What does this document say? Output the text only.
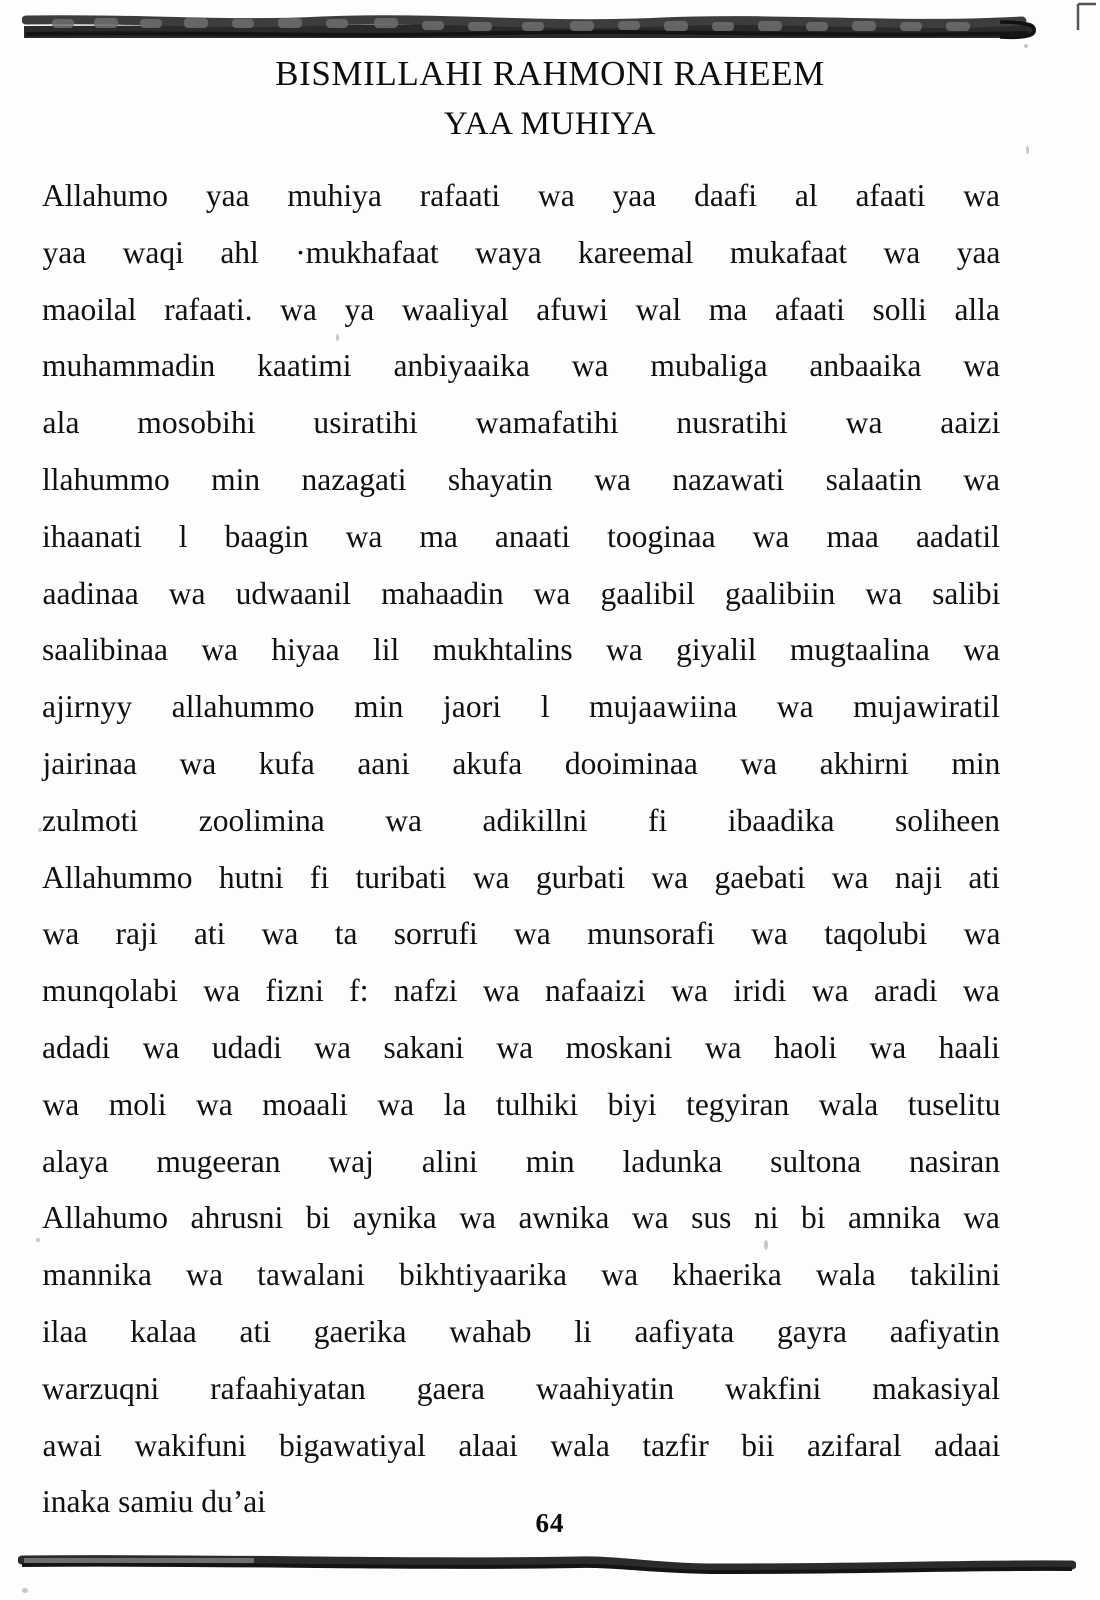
BISMILLAHI RAHMONI RAHEEM
YAA MUHIYA
Allahumo yaa muhiya rafaati wa yaa daafi al afaati wa
yaa waqi ahl ·mukhafaat waya kareemal mukafaat wa yaa
maoilal rafaati. wa ya waaliyal afuwi wal ma afaati solli alla
muhammadin kaatimi anbiyaaika wa mubaliga anbaaika wa
ala mosobihi usiratihi wamafatihi nusratihi wa aaizi
llahummo min nazagati shayatin wa nazawati salaatin wa
ihaanati l baagin wa ma anaati tooginaa wa maa aadatil
aadinaa wa udwaanil mahaadin wa gaalibil gaalibiin wa salibi
saalibinaa wa hiyaa lil mukhtalins wa giyalil mugtaalina wa
ajirnyy allahummo min jaori l mujaawiina wa mujawiratil
jairinaa wa kufa aani akufa dooiminaa wa akhirni min
zulmoti zoolimina wa adikillni fi ibaadika soliheen
Allahummo hutni fi turibati wa gurbati wa gaebati wa naji ati
wa raji ati wa ta sorrufi wa munsorafi wa taqolubi wa
munqolabi wa fizni f: nafzi wa nafaaizi wa iridi wa aradi wa
adadi wa udadi wa sakani wa moskani wa haoli wa haali
wa moli wa moaali wa la tulhiki biyi tegyiran wala tuselitu
alaya mugeeran waj alini min ladunka sultona nasiran
Allahumo ahrusni bi aynika wa awnika wa sus ni bi amnika wa
mannika wa tawalani bikhtiyaarika wa khaerika wala takilini
ilaa kalaa ati gaerika wahab li aafiyata gayra aafiyatin
warzuqni rafaahiyatan gaera waahiyatin wakfini makasiyal
awai wakifuni bigawatiyal alaai wala tazfir bii azifaral adaai
inaka samiu du’ai
64
